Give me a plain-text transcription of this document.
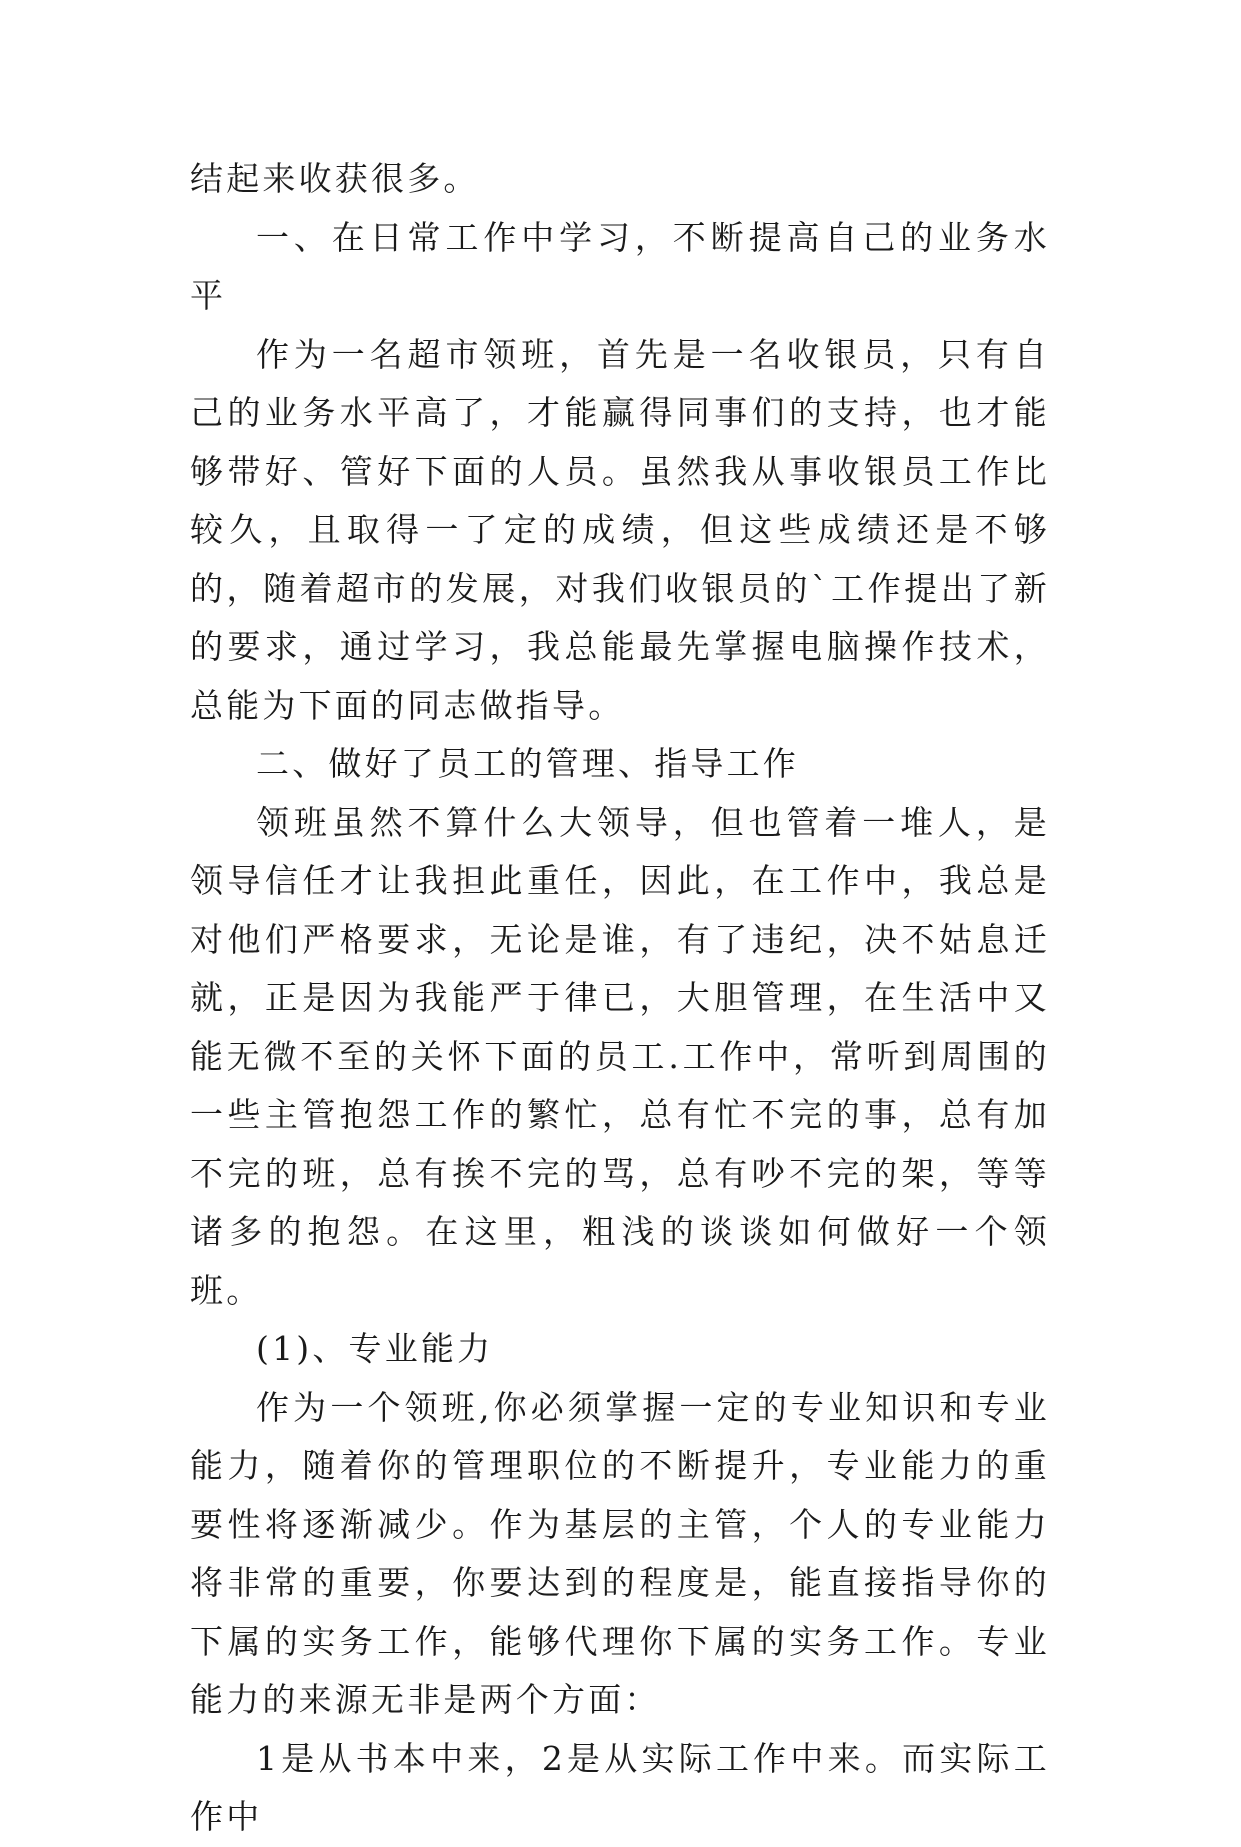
结起来收获很多。

一、在日常工作中学习，不断提高自己的业务水平

作为一名超市领班，首先是一名收银员，只有自己的业务水平高了，才能赢得同事们的支持，也才能够带好、管好下面的人员。虽然我从事收银员工作比较久，且取得一了定的成绩，但这些成绩还是不够的，随着超市的发展，对我们收银员的`工作提出了新的要求，通过学习，我总能最先掌握电脑操作技术，总能为下面的同志做指导。

二、做好了员工的管理、指导工作

领班虽然不算什么大领导，但也管着一堆人，是领导信任才让我担此重任，因此，在工作中，我总是对他们严格要求，无论是谁，有了违纪，决不姑息迁就，正是因为我能严于律已，大胆管理，在生活中又能无微不至的关怀下面的员工.工作中，常听到周围的一些主管抱怨工作的繁忙，总有忙不完的事，总有加不完的班，总有挨不完的骂，总有吵不完的架，等等诸多的抱怨。在这里，粗浅的谈谈如何做好一个领班。

(1)、专业能力

作为一个领班,你必须掌握一定的专业知识和专业能力，随着你的管理职位的不断提升，专业能力的重要性将逐渐减少。作为基层的主管，个人的专业能力将非常的重要，你要达到的程度是，能直接指导你的下属的实务工作，能够代理你下属的实务工作。专业能力的来源无非是两个方面：

1是从书本中来，2是从实际工作中来。而实际工作中
